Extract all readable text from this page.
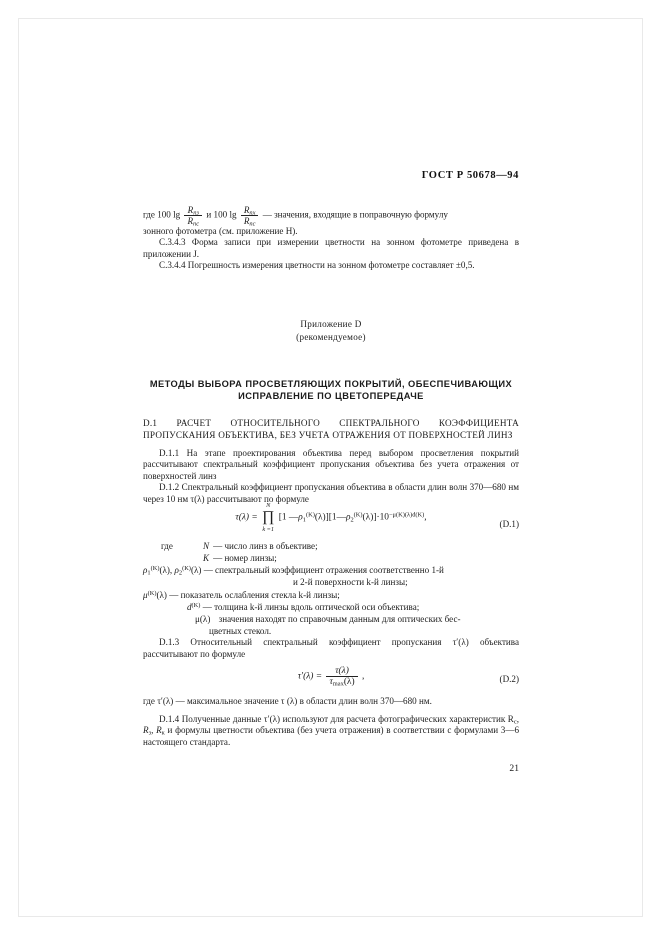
ГОСТ Р 50678—94
где 100 $\lg \frac{R_{пз}}{R_{пс}}$ и 100 $\lg \frac{R_{пх}}{R_{пс}}$ — значения, входящие в поправочную формулу
зонного фотометра (см. приложение Н).

С.3.4.3 Форма записи при измерении цветности на зонном фотометре приведена в приложении J.

С.3.4.4 Погрешность измерения цветности на зонном фотометре составляет ±0,5.

Приложение D
(рекомендуемое)
МЕТОДЫ ВЫБОРА ПРОСВЕТЛЯЮЩИХ ПОКРЫТИЙ, ОБЕСПЕЧИВАЮЩИХ
ИСПРАВЛЕНИЕ ПО ЦВЕТОПЕРЕДАЧЕ
D.1 РАСЧЕТ ОТНОСИТЕЛЬНОГО СПЕКТРАЛЬНОГО КОЭФФИЦИЕНТА ПРОПУСКАНИЯ ОБЪЕКТИВА, БЕЗ УЧЕТА ОТРАЖЕНИЯ ОТ ПОВЕРХНОСТЕЙ ЛИНЗ

D.1.1 На этапе проектирования объектива перед выбором просветления покрытий рассчитывают спектральный коэффициент пропускания объектива без учета отражения от поверхностей линз

D.1.2 Спектральный коэффициент пропускания объектива в области длин волн 370—680 нм через 10 нм τ(λ) рассчитывают по формуле

τ(λ) =
N
∏
k =1
[1 $—\rho_1^{(K)}(\lambda)][1—\rho_2^{(K)}(\lambda)]\cdot 10^{-\mu(K)(\lambda)d(K)}$,
(D.1)
где	N — число линз в объективе;
K — номер линзы;
$\rho_1^{(K)}(\lambda)$, $\rho_2^{(K)}(\lambda)$ — спектральный коэффициент отражения соответственно 1-й
и 2-й поверхности k-й линзы;
$\mu^{(K)}(\lambda)$ — показатель ослабления стекла k-й линзы;
$d^{(K)}$ — толщина k-й линзы вдоль оптической оси объектива;
μ(λ) значения находят по справочным данным для оптических бес-
цветных стекол.

D.1.3 Относительный спектральный коэффициент пропускания τ′(λ) объектива рассчитывают по формуле

$\tau'(\lambda) = \frac{\tau(\lambda)}{\tau_{max}(\lambda)}$ ,	(D.2)
где τ′(λ) — максимальное значение τ (λ) в области длин волн 370—680 нм.

D.1.4 Полученные данные τ′(λ) используют для расчета фотографических характеристик $R_с$, $R_з$, $R_к$ и формулы цветности объектива (без учета отражения) в соответствии с формулами 3—6 настоящего стандарта.

21
